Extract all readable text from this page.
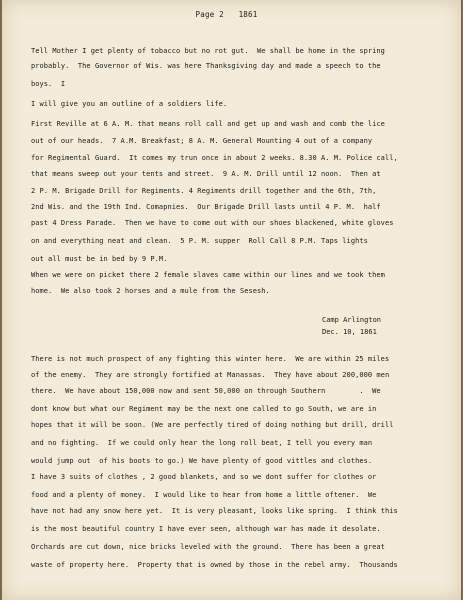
Page 2 1861
Tell Mother I get plenty of tobacco but no rot gut.  We shall be home in the spring
probably.  The Governor of Wis. was here Thanksgiving day and made a speech to the
boys.  I
I will give you an outline of a soldiers life.
First Reville at 6 A. M. that means roll call and get up and wash and comb the lice
out of our heads.  7 A.M. Breakfast; 8 A. M. General Mounting 4 out of a company
for Regimental Guard.  It comes my trun once in about 2 weeks. 8.30 A. M. Police call,
that means sweep out your tents and street.  9 A. M. Drill until 12 noon.  Then at
2 P. M. Brigade Drill for Regiments. 4 Regiments drill together and the 6th, 7th,
2nd Wis. and the 19th Ind. Comapnies.  Our Brigade Drill lasts until 4 P. M.  half
past 4 Dress Parade.  Then we have to come out with our shoes blackened, white gloves
on and everything neat and clean.  5 P. M. supper  Roll Call 8 P.M. Taps lights
out all must be in bed by 9 P.M.
When we were on picket there 2 female slaves came within our lines and we took them
home.  We also took 2 horses and a mule from the Sesesh.
Camp Arlington
Dec. 10, 1861
There is not much prospect of any fighting this winter here.  We are within 25 miles
of the enemy.  They are strongly fortified at Manassas.  They have about 200,000 men
there.  We have about 150,000 now and sent 50,000 on through Southern        .  We
dont know but what our Regiment may be the next one called to go South, we are in
hopes that it will be soon. (We are perfectly tired of doing nothing but drill, drill
and no fighting.  If we could only hear the long roll beat, I tell you every man
would jump out  of his boots to go.) We have plenty of good vittles and clothes.
I have 3 suits of clothes , 2 good blankets, and so we dont suffer for clothes or
food and a plenty of money.  I would like to hear from home a little oftener.  We
have not had any snow here yet.  It is very pleasant, looks like spring.  I think this
is the most beautiful country I have ever seen, although war has made it desolate.
Orchards are cut down, nice bricks leveled with the ground.  There has been a great
waste of property here.  Property that is owned by those in the rebel army.  Thousands
